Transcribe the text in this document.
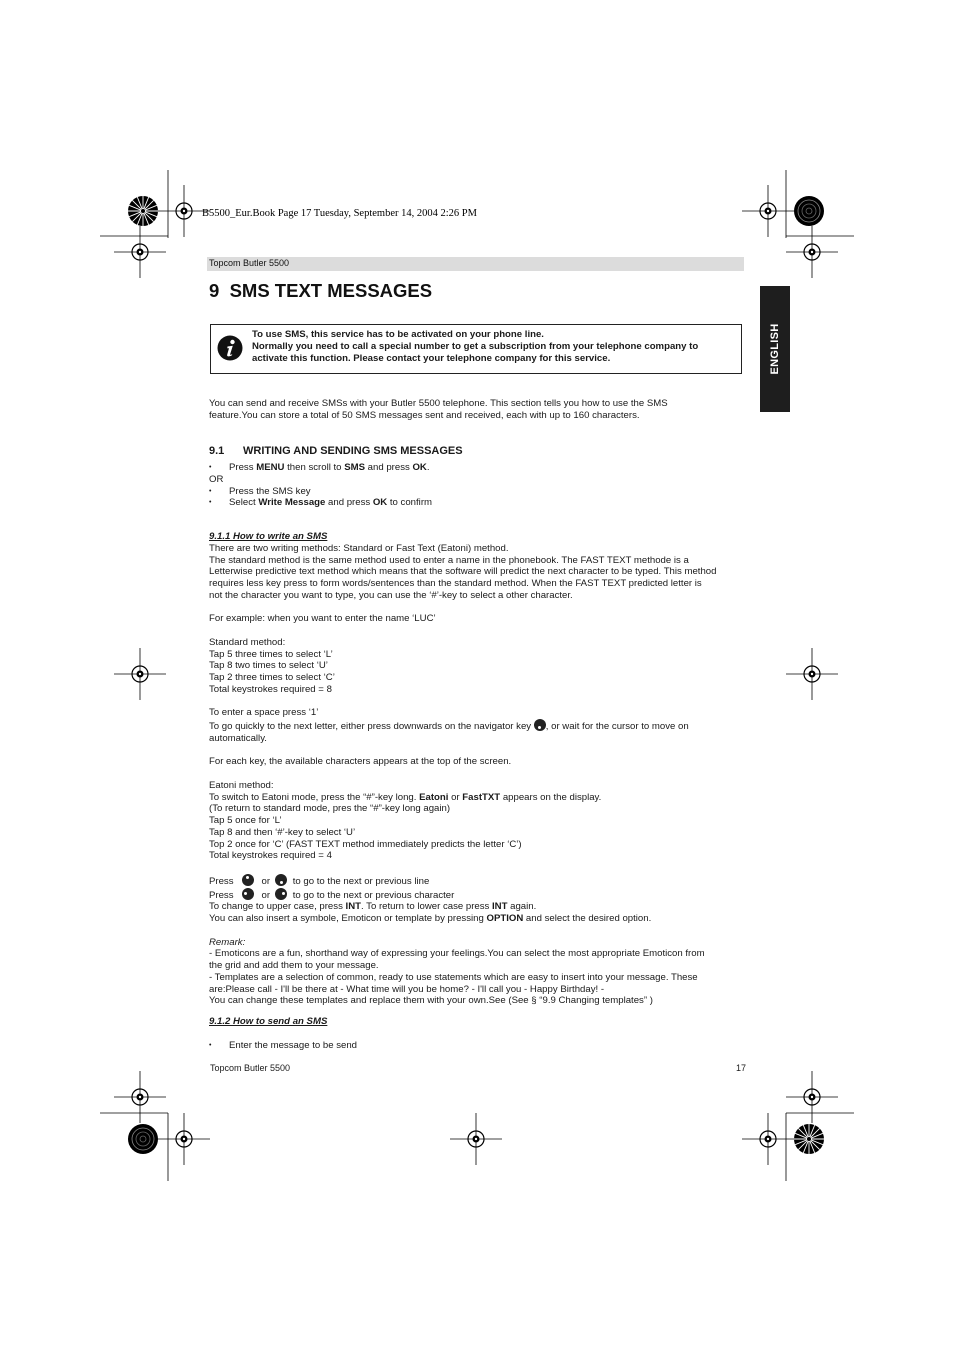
B5500_Eur.Book Page 17 Tuesday, September 14, 2004 2:26 PM
Topcom Butler 5500
9 SMS TEXT MESSAGES
ENGLISH
To use SMS, this service has to be activated on your phone line.
Normally you need to call a special number to get a subscription from your telephone company to
activate this function. Please contact your telephone company for this service.
You can send and receive SMSs with your Butler 5500 telephone. This section tells you how to use the SMS
feature.You can store a total of 50 SMS messages sent and received, each with up to 160 characters.
9.1 WRITING AND SENDING SMS MESSAGES
• Press MENU then scroll to SMS and press OK.
OR
• Press the SMS key
• Select Write Message and press OK to confirm
9.1.1 How to write an SMS
There are two writing methods: Standard or Fast Text (Eatoni) method.
The standard method is the same method used to enter a name in the phonebook. The FAST TEXT methode is a
Letterwise predictive text method which means that the software will predict the next character to be typed. This method
requires less key press to form words/sentences than the standard method. When the FAST TEXT predicted letter is
not the character you want to type, you can use the ‘#’-key to select a other character.
For example: when you want to enter the name ‘LUC’
Standard method:
Tap 5 three times to select ‘L’
Tap 8 two times to select ‘U’
Tap 2 three times to select ‘C’
Total keystrokes required = 8
To enter a space press ‘1’
To go quickly to the next letter, either press downwards on the navigator key , or wait for the cursor to move on
automatically.
For each key, the available characters appears at the top of the screen.
Eatoni method:
To switch to Eatoni mode, press the “#”-key long. Eatoni or FastTXT appears on the display.
(To return to standard mode, pres the “#”-key long again)
Tap 5 once for ‘L’
Tap 8 and then ‘#’-key to select ‘U’
Top 2 once for ‘C’ (FAST TEXT method immediately predicts the letter ‘C’)
Total keystrokes required = 4
Press	or to go to the next or previous line
Press	or to go to the next or previous character
To change to upper case, press INT. To return to lower case press INT again.
You can also insert a symbole, Emoticon or template by pressing OPTION and select the desired option.
Remark:
- Emoticons are a fun, shorthand way of expressing your feelings.You can select the most appropriate Emoticon from
the grid and add them to your message.
- Templates are a selection of common, ready to use statements which are easy to insert into your message. These
are:Please call - I'll be there at - What time will you be home? - I'll call you - Happy Birthday! -
You can change these templates and replace them with your own.See (See § “9.9 Changing templates” )
9.1.2 How to send an SMS
• Enter the message to be send
Topcom Butler 5500	17
